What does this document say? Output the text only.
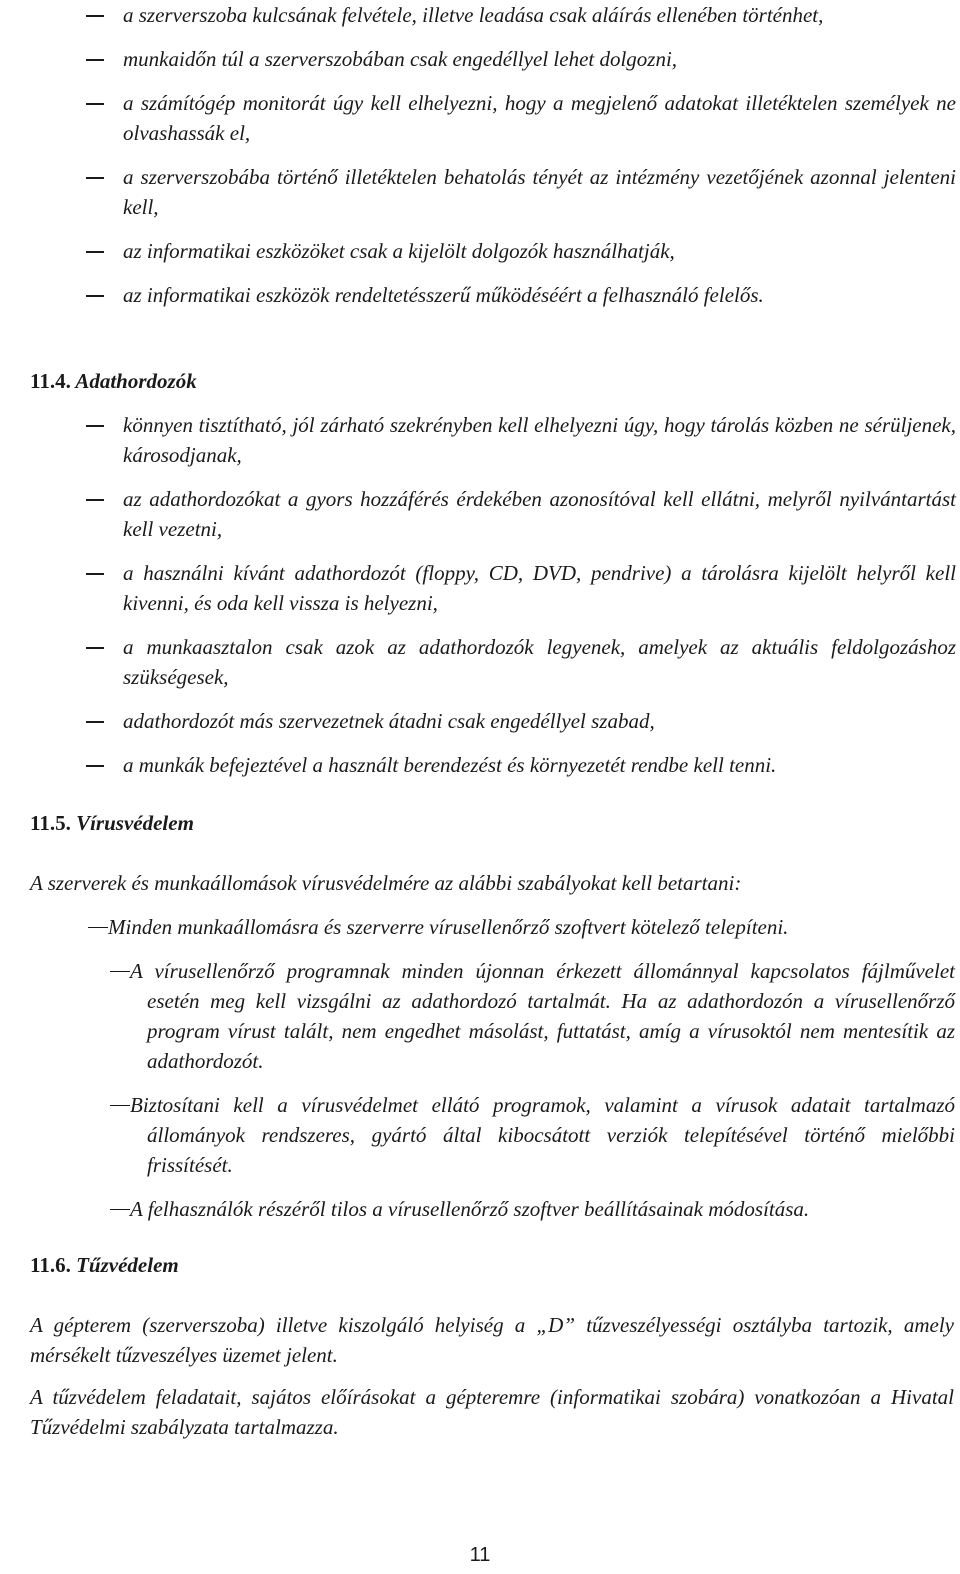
a szerverszoba kulcsának felvétele, illetve leadása csak aláírás ellenében történhet,
munkaidőn túl a szerverszobában csak engedéllyel lehet dolgozni,
a számítógép monitorát úgy kell elhelyezni, hogy a megjelenő adatokat illetéktelen személyek ne olvashassák el,
a szerverszobába történő illetéktelen behatolás tényét az intézmény vezetőjének azonnal jelenteni kell,
az informatikai eszközöket csak a kijelölt dolgozók használhatják,
az informatikai eszközök rendeltetésszerű működéséért a felhasználó felelős.
11.4. Adathordozók
könnyen tisztítható, jól zárható szekrényben kell elhelyezni úgy, hogy tárolás közben ne sérüljenek, károsodjanak,
az adathordozókat a gyors hozzáférés érdekében azonosítóval kell ellátni, melyről nyilvántartást kell vezetni,
a használni kívánt adathordozót (floppy, CD, DVD, pendrive) a tárolásra kijelölt helyről kell kivenni, és oda kell vissza is helyezni,
a munkaasztalon csak azok az adathordozók legyenek, amelyek az aktuális feldolgozáshoz szükségesek,
adathordozót más szervezetnek átadni csak engedéllyel szabad,
a munkák befejeztével a használt berendezést és környezetét rendbe kell tenni.
11.5. Vírusvédelem
A szerverek és munkaállomások vírusvédelmére az alábbi szabályokat kell betartani:
Minden munkaállomásra és szerverre vírusellenőrző szoftvert kötelező telepíteni.
A vírusellenőrző programnak minden újonnan érkezett állománnyal kapcsolatos fájlművelet esetén meg kell vizsgálni az adathordozó tartalmát. Ha az adathordozón a vírusellenőrző program vírust talált, nem engedhet másolást, futtatást, amíg a vírusoktól nem mentesítik az adathordozót.
Biztosítani kell a vírusvédelmet ellátó programok, valamint a vírusok adatait tartalmazó állományok rendszeres, gyártó által kibocsátott verziók telepítésével történő mielőbbi frissítését.
A felhasználók részéről tilos a vírusellenőrző szoftver beállításainak módosítása.
11.6. Tűzvédelem
A gépterem (szerverszoba) illetve kiszolgáló helyiség a „D” tűzveszélyességi osztályba tartozik, amely mérsékelt tűzveszélyes üzemet jelent.
A tűzvédelem feladatait, sajátos előírásokat a gépteremre (informatikai szobára) vonatkozóan a Hivatal Tűzvédelmi szabályzata tartalmazza.
11
